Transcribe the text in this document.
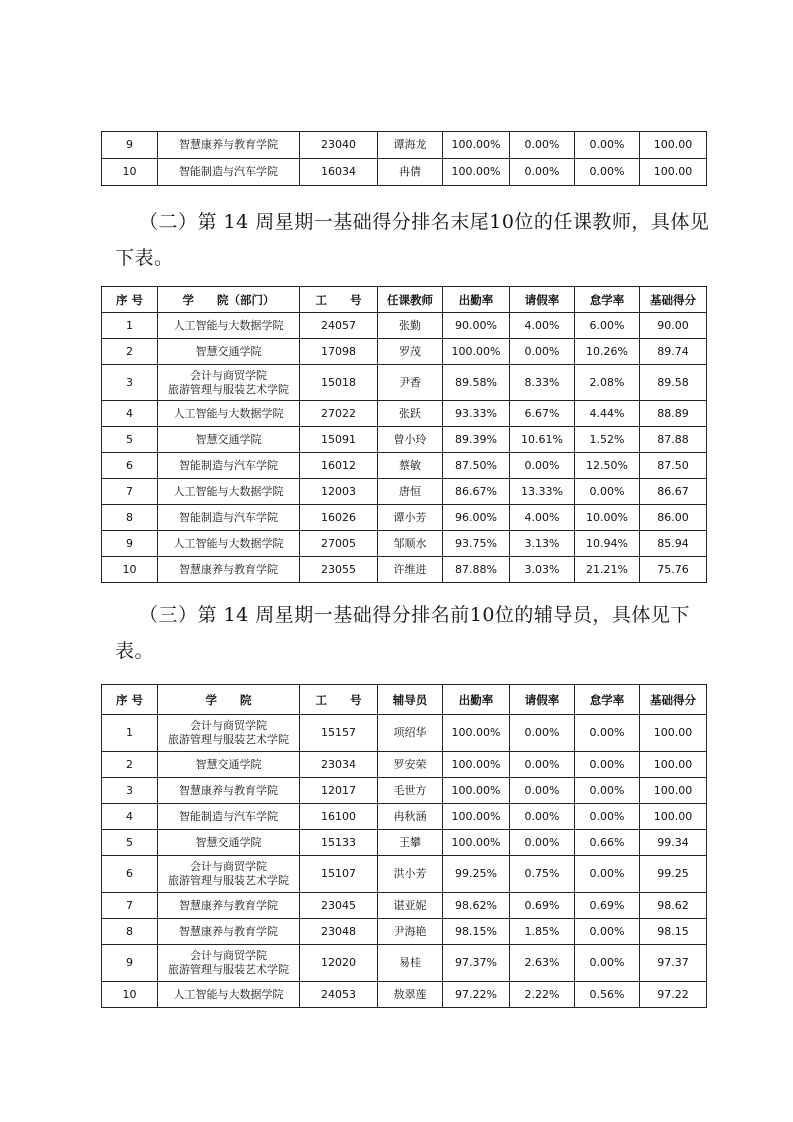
9	智慧康养与教育学院	23040	谭海龙	100.00%	0.00%	0.00%	100.00
10	智能制造与汽车学院	16034	冉倩	100.00%	0.00%	0.00%	100.00
（二）第 14 周星期一基础得分排名末尾10位的任课教师，具体见下表。
序 号	学　　院（部门）	工　　号	任课教师	出勤率	请假率	怠学率	基础得分
1	人工智能与大数据学院	24057	张勤	90.00%	4.00%	6.00%	90.00
2	智慧交通学院	17098	罗茂	100.00%	0.00%	10.26%	89.74
3	会计与商贸学院
旅游管理与服装艺术学院	15018	尹香	89.58%	8.33%	2.08%	89.58
4	人工智能与大数据学院	27022	张跃	93.33%	6.67%	4.44%	88.89
5	智慧交通学院	15091	曾小玲	89.39%	10.61%	1.52%	87.88
6	智能制造与汽车学院	16012	蔡敏	87.50%	0.00%	12.50%	87.50
7	人工智能与大数据学院	12003	唐恒	86.67%	13.33%	0.00%	86.67
8	智能制造与汽车学院	16026	谭小芳	96.00%	4.00%	10.00%	86.00
9	人工智能与大数据学院	27005	邹顺水	93.75%	3.13%	10.94%	85.94
10	智慧康养与教育学院	23055	许维进	87.88%	3.03%	21.21%	75.76
（三）第 14 周星期一基础得分排名前10位的辅导员，具体见下表。
序 号	学　　院	工　　号	辅导员	出勤率	请假率	怠学率	基础得分
1	会计与商贸学院
旅游管理与服装艺术学院	15157	项绍华	100.00%	0.00%	0.00%	100.00
2	智慧交通学院	23034	罗安荣	100.00%	0.00%	0.00%	100.00
3	智慧康养与教育学院	12017	毛世方	100.00%	0.00%	0.00%	100.00
4	智能制造与汽车学院	16100	冉秋涵	100.00%	0.00%	0.00%	100.00
5	智慧交通学院	15133	王攀	100.00%	0.00%	0.66%	99.34
6	会计与商贸学院
旅游管理与服装艺术学院	15107	洪小芳	99.25%	0.75%	0.00%	99.25
7	智慧康养与教育学院	23045	谌亚妮	98.62%	0.69%	0.69%	98.62
8	智慧康养与教育学院	23048	尹海艳	98.15%	1.85%	0.00%	98.15
9	会计与商贸学院
旅游管理与服装艺术学院	12020	易桂	97.37%	2.63%	0.00%	97.37
10	人工智能与大数据学院	24053	敖翠莲	97.22%	2.22%	0.56%	97.22
